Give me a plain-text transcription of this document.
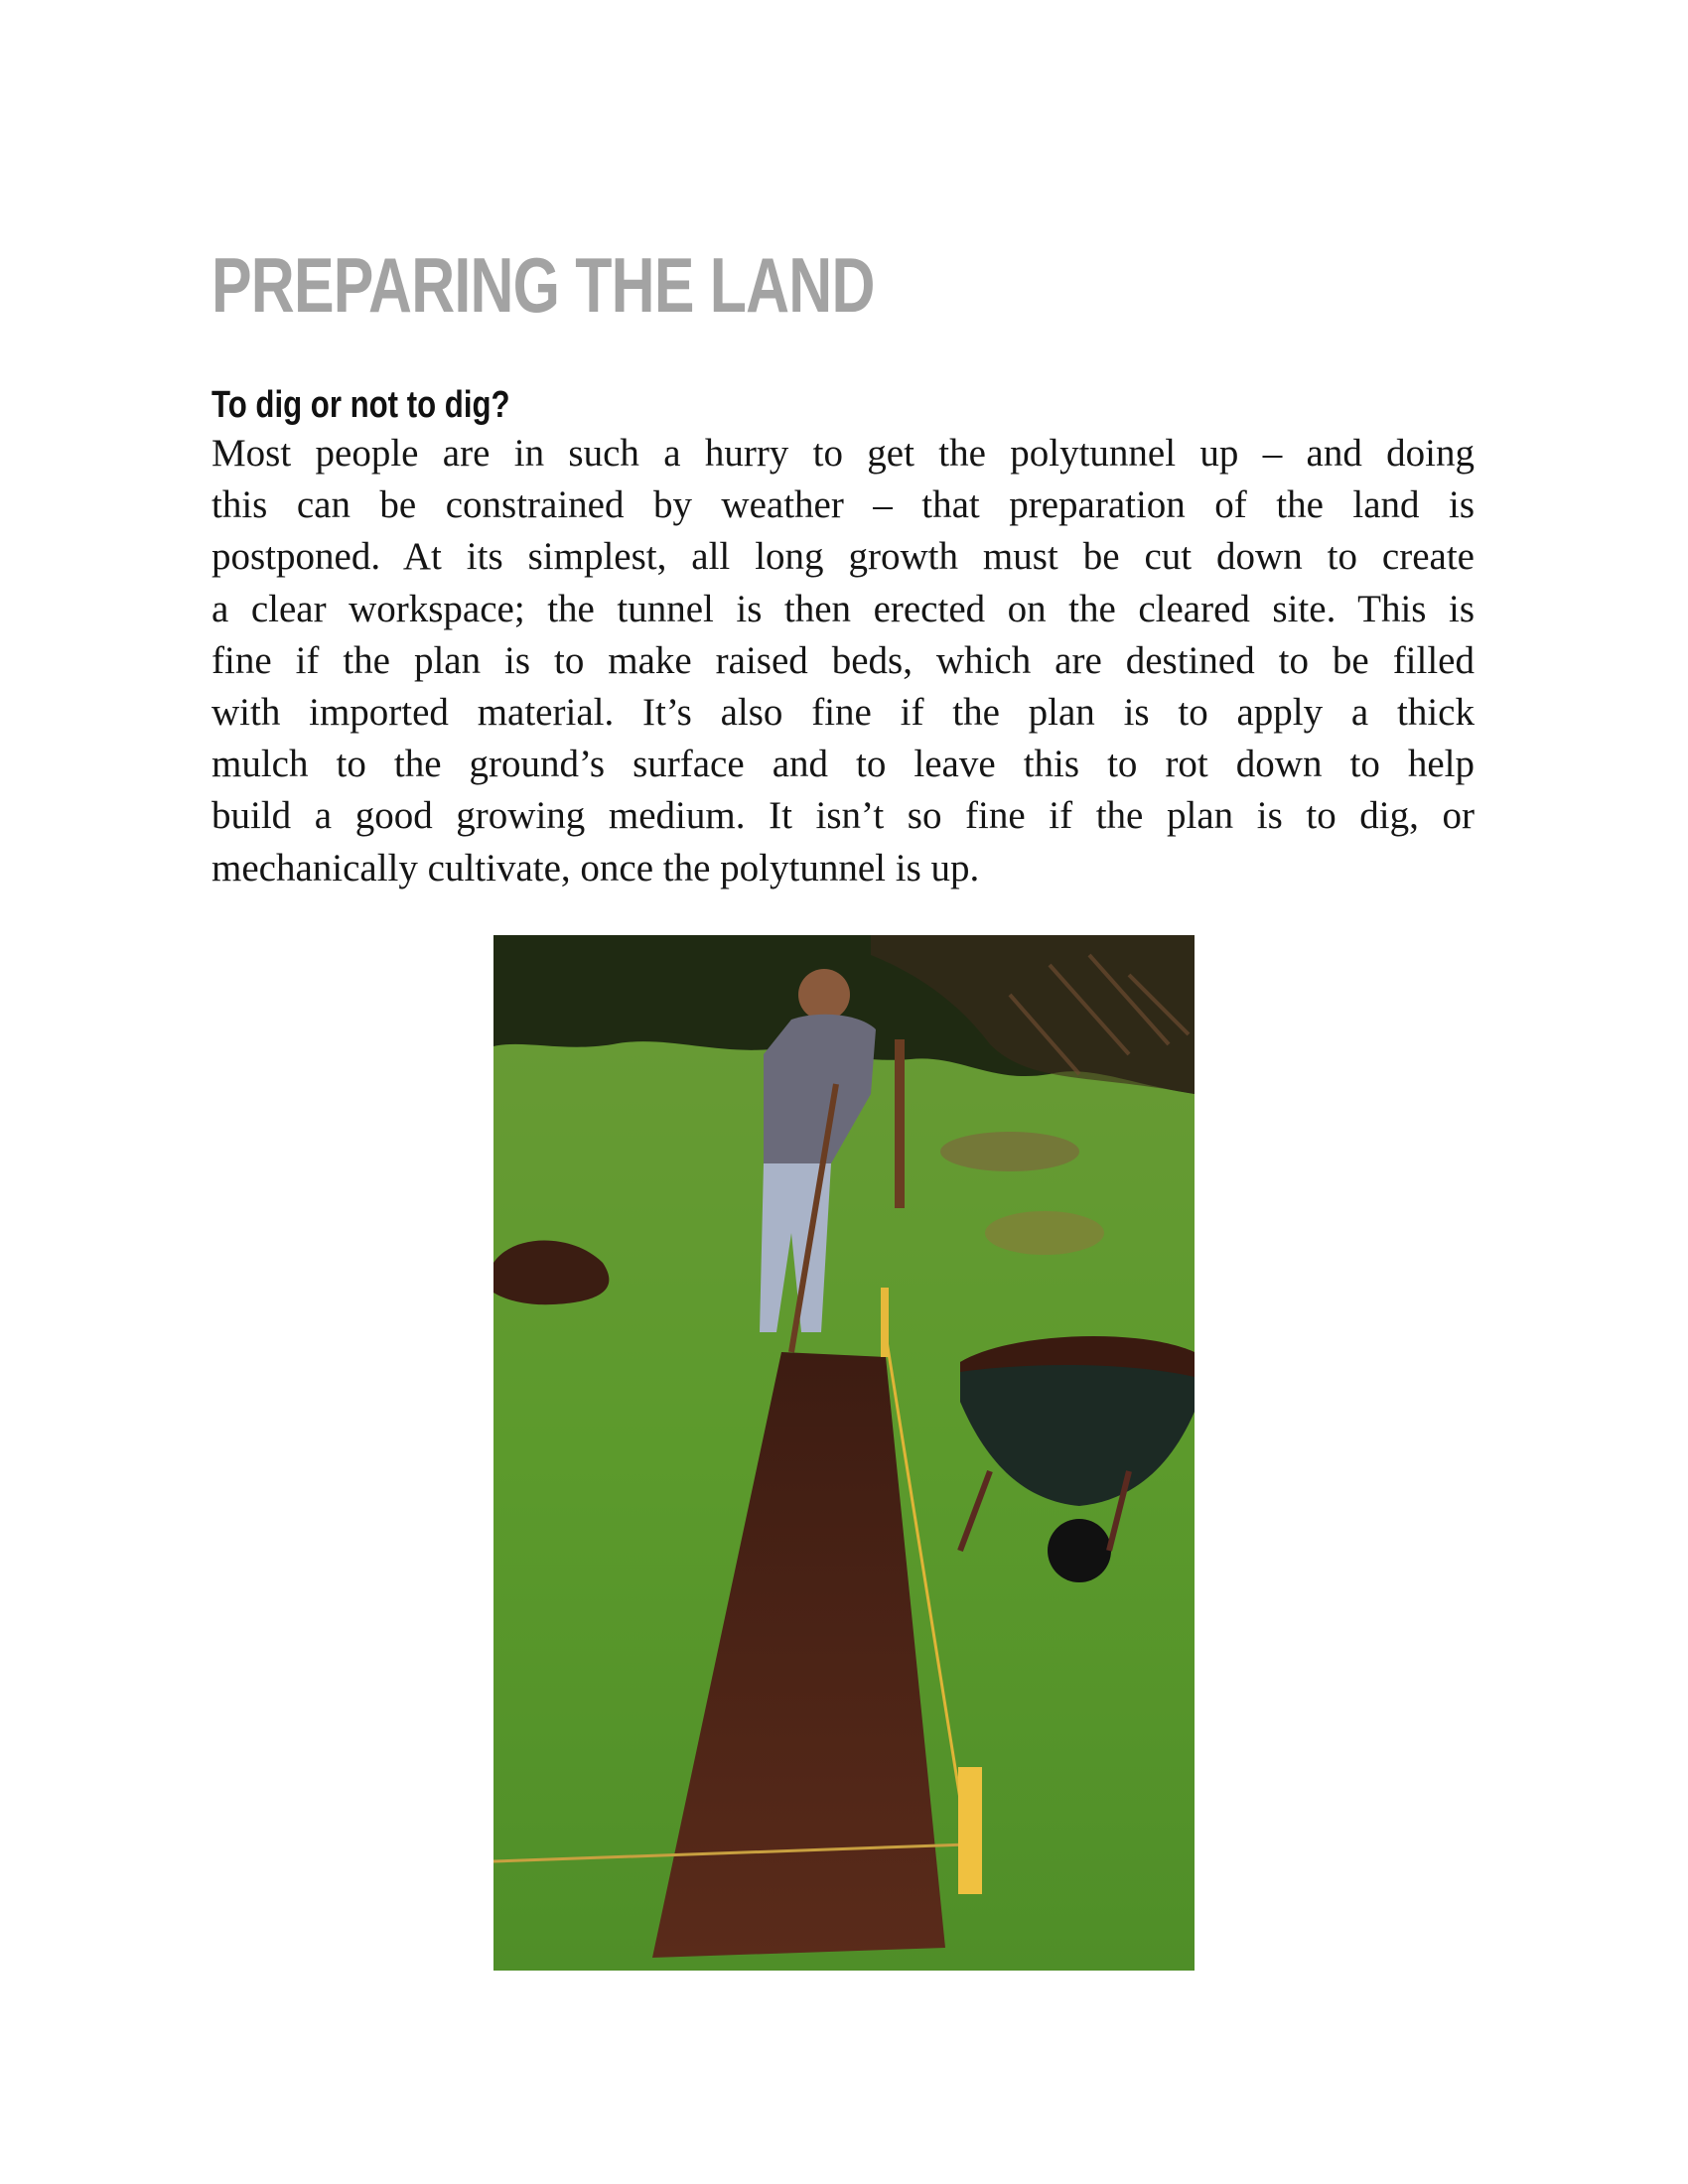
PREPARING THE LAND
To dig or not to dig?
Most people are in such a hurry to get the polytunnel up – and doing
this can be constrained by weather – that preparation of the land is
postponed. At its simplest, all long growth must be cut down to create
a clear workspace; the tunnel is then erected on the cleared site. This is
fine if the plan is to make raised beds, which are destined to be filled
with imported material. It’s also fine if the plan is to apply a thick
mulch to the ground’s surface and to leave this to rot down to help
build a good growing medium. It isn’t so fine if the plan is to dig, or
mechanically cultivate, once the polytunnel is up.
